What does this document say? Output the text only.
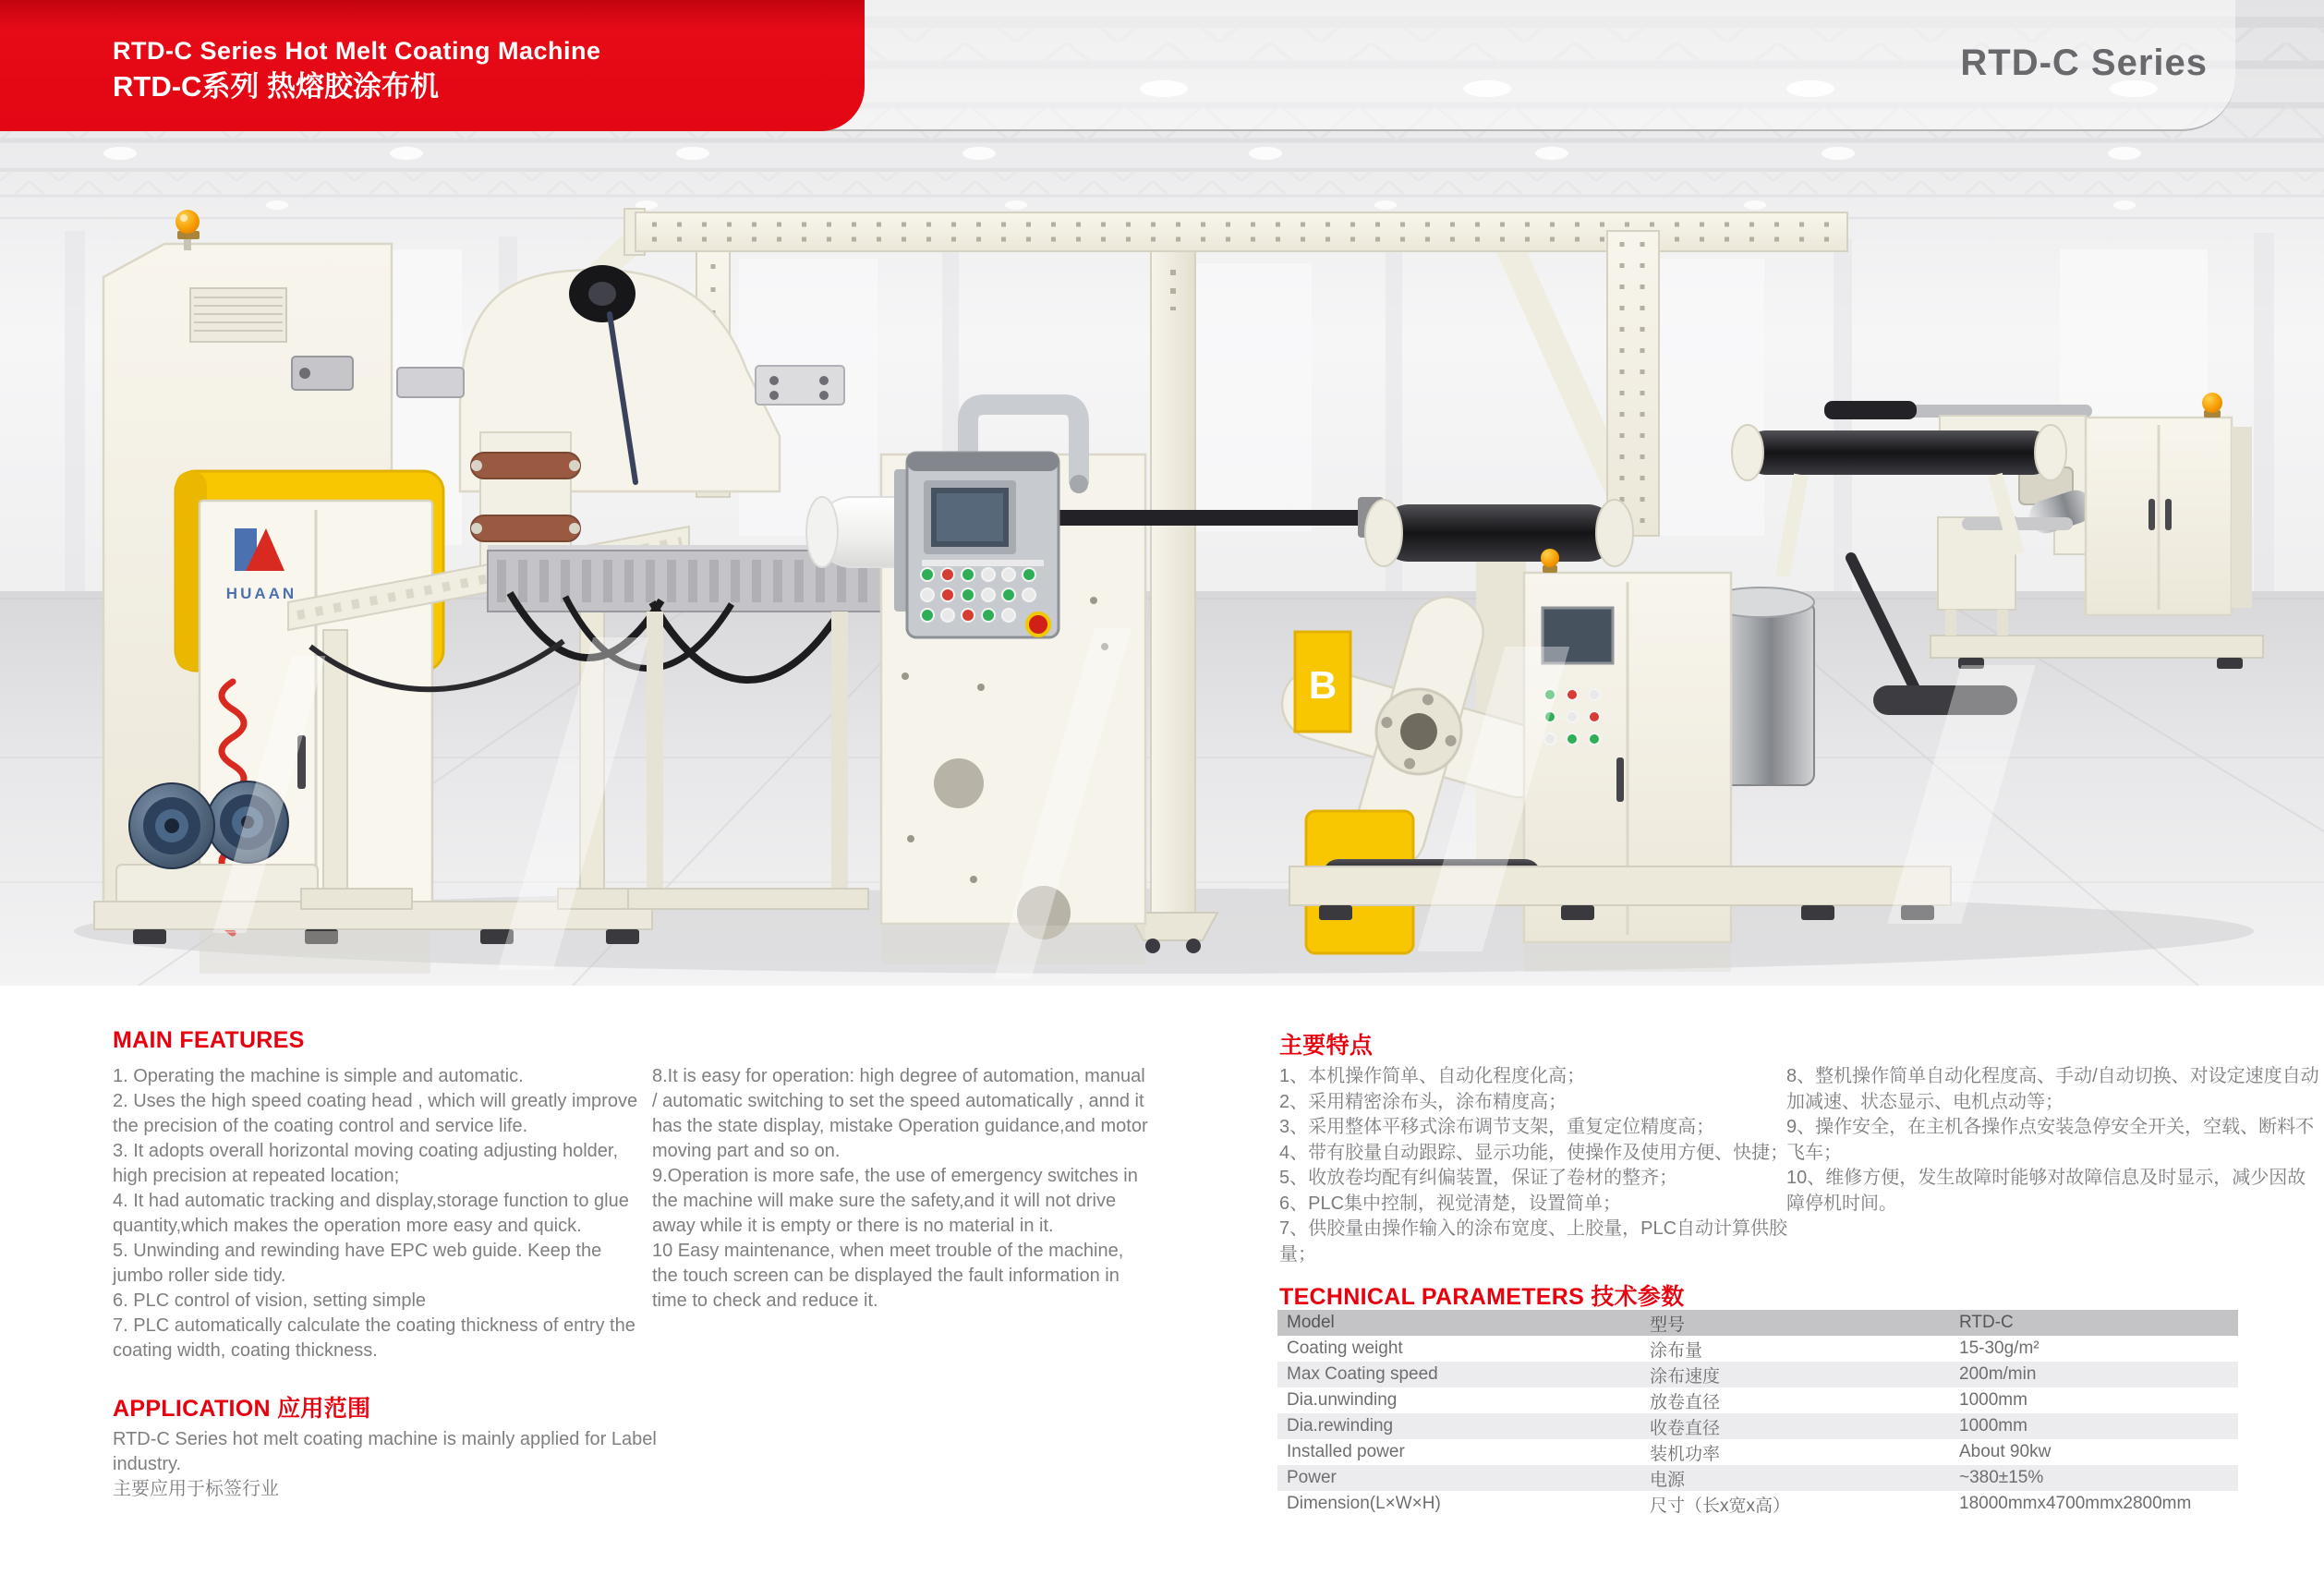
HUAAN
B
RTD-C Series Hot Melt Coating Machine
RTD-C系列 热熔胶涂布机
RTD-C Series
MAIN FEATURES

1. Operating the machine is simple and automatic.

2. Uses the high speed coating head , which will greatly improve the precision of the coating control and service life.

3. It adopts overall horizontal moving coating adjusting holder, high precision at repeated location;

4. It had automatic tracking and display,storage function to glue quantity,which makes the operation more easy and quick.

5. Unwinding and rewinding have EPC web guide. Keep the jumbo roller side tidy.

6. PLC control of vision, setting simple

7. PLC automatically calculate the coating thickness of entry the coating width, coating thickness.

8.It is easy for operation: high degree of automation, manual / automatic switching to set the speed automatically , annd it has the state display, mistake Operation guidance,and motor moving part and so on.

9.Operation is more safe, the use of emergency switches in the machine will make sure the safety,and it will not drive away while it is empty or there is no material in it.

10 Easy maintenance, when meet trouble of the machine, the touch screen can be displayed the fault information in time to check and reduce it.

主要特点

1、本机操作简单、自动化程度化高；

2、采用精密涂布头，涂布精度高；

3、采用整体平移式涂布调节支架，重复定位精度高；

4、带有胶量自动跟踪、显示功能，使操作及使用方便、快捷；

5、收放卷均配有纠偏装置，保证了卷材的整齐；

6、PLC集中控制，视觉清楚，设置简单；

7、供胶量由操作输入的涂布宽度、上胶量，PLC自动计算供胶量；

8、整机操作简单自动化程度高、手动/自动切换、对设定速度自动加减速、状态显示、电机点动等；

9、操作安全，在主机各操作点安装急停安全开关，空载、断料不飞车；

10、维修方便，发生故障时能够对故障信息及时显示，减少因故障停机时间。

APPLICATION 应用范围

RTD-C Series hot melt coating machine is mainly applied for Label industry.

主要应用于标签行业

TECHNICAL PARAMETERS 技术参数
Model	型号	RTD-C
Coating weight	涂布量	15-30g/m²
Max Coating speed	涂布速度	200m/min
Dia.unwinding	放卷直径	1000mm
Dia.rewinding	收卷直径	1000mm
Installed power	装机功率	About 90kw
Power	电源	~380±15%
Dimension(L×W×H)	尺寸（长x宽x高）	18000mmx4700mmx2800mm
